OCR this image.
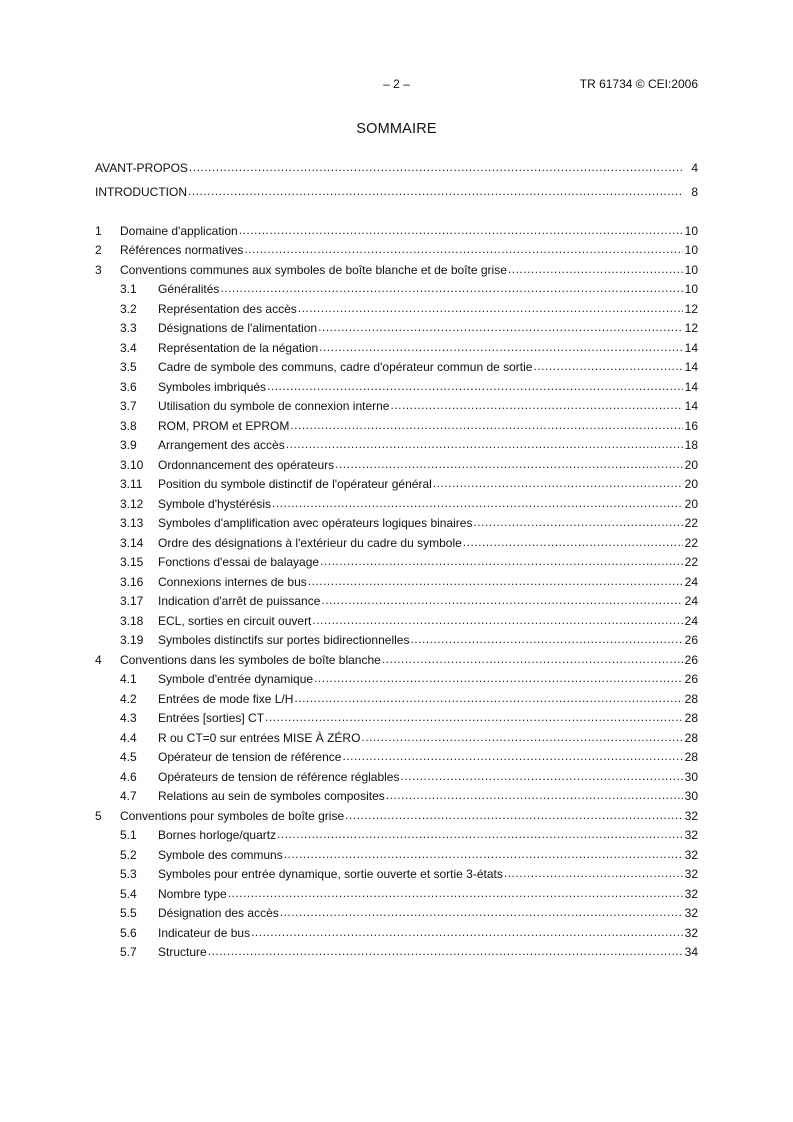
– 2 –	TR 61734 © CEI:2006
SOMMAIRE
AVANT-PROPOS .....	4
INTRODUCTION .....	8
1	Domaine d'application .....	10
2	Références normatives .....	10
3	Conventions communes aux symboles de boîte blanche et de boîte grise .....	10
3.1	Généralités .....	10
3.2	Représentation des accès .....	12
3.3	Désignations de l'alimentation .....	12
3.4	Représentation de la négation .....	14
3.5	Cadre de symbole des communs, cadre d'opérateur commun de sortie .....	14
3.6	Symboles imbriqués .....	14
3.7	Utilisation du symbole de connexion interne .....	14
3.8	ROM, PROM et EPROM .....	16
3.9	Arrangement des accès .....	18
3.10	Ordonnancement des opérateurs .....	20
3.11	Position du symbole distinctif de l'opérateur général .....	20
3.12	Symbole d'hystérésis .....	20
3.13	Symboles d'amplification avec opérateurs logiques binaires .....	22
3.14	Ordre des désignations à l'extérieur du cadre du symbole .....	22
3.15	Fonctions d'essai de balayage .....	22
3.16	Connexions internes de bus .....	24
3.17	Indication d'arrêt de puissance .....	24
3.18	ECL, sorties en circuit ouvert .....	24
3.19	Symboles distinctifs sur portes bidirectionnelles .....	26
4	Conventions dans les symboles de boîte blanche .....	26
4.1	Symbole d'entrée dynamique .....	26
4.2	Entrées de mode fixe L/H .....	28
4.3	Entrées [sorties] CT .....	28
4.4	R ou CT=0 sur entrées MISE À ZÉRO .....	28
4.5	Opérateur de tension de référence .....	28
4.6	Opérateurs de tension de référence réglables .....	30
4.7	Relations au sein de symboles composites .....	30
5	Conventions pour symboles de boîte grise .....	32
5.1	Bornes horloge/quartz .....	32
5.2	Symbole des communs .....	32
5.3	Symboles pour entrée dynamique, sortie ouverte et sortie 3-états .....	32
5.4	Nombre type .....	32
5.5	Désignation des accès .....	32
5.6	Indicateur de bus .....	32
5.7	Structure .....	34
